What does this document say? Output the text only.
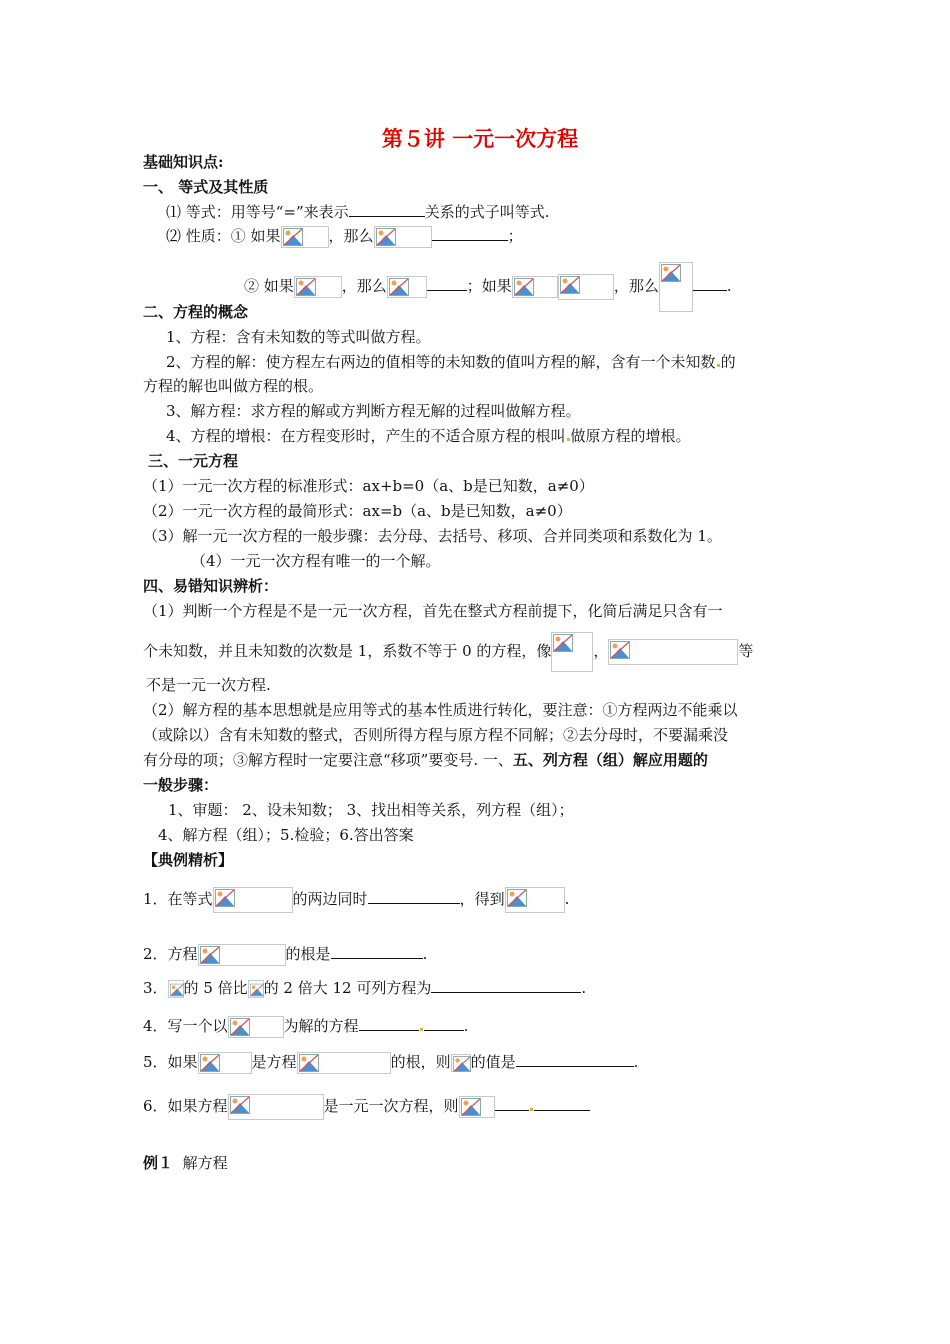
第５讲 一元一次方程
基础知识点:
一、 等式及其性质
⑴ 等式：用等号“=”来表示	关系的式子叫等式.
⑵ 性质：① 如果	，那么	；
② 如果	，那么	；如果	，那么	.
二、方程的概念
1、方程：含有未知数的等式叫做方程。
2、方程的解：使方程左右两边的值相等的未知数的值叫方程的解，含有一个未知数 的
方程的解也叫做方程的根。
3、解方程：求方程的解或方判断方程无解的过程叫做解方程。
4、方程的增根：在方程变形时，产生的不适合原方程的根叫 做原方程的增根。
三、一元方程
（1）一元一次方程的标准形式：ax+b=0（a、b是已知数，a≠0）
（2）一元一次方程的最简形式：ax=b（a、b是已知数，a≠0）
（3）解一元一次方程的一般步骤：去分母、去括号、移项、合并同类项和系数化为 1。
（4）一元一次方程有唯一的一个解。
四、易错知识辨析：
（1）判断一个方程是不是一元一次方程，首先在整式方程前提下，化简后满足只含有一
个未知数，并且未知数的次数是 1，系数不等于 0 的方程，像	，	等
不是一元一次方程.
（2）解方程的基本思想就是应用等式的基本性质进行转化，要注意：①方程两边不能乘以
（或除以）含有未知数的整式，否则所得方程与原方程不同解；②去分母时，不要漏乘没
有分母的项；③解方程时一定要注意“移项”要变号. 一、五、列方程（组）解应用题的
一般步骤：
1、审题： 2、设未知数； 3、找出相等关系，列方程（组）；
4、解方程（组）；5.检验；6.答出答案
【典例精析】
1．在等式	的两边同时	，得到	.
2．方程	的根是	.
3． 的 5 倍比 的 2 倍大 12 可列方程为	.
4．写一个以	为解的方程	.
5．如果	是方程	的根，则 的值是	.
6．如果方程	是一元一次方程，则
例１ 解方程
